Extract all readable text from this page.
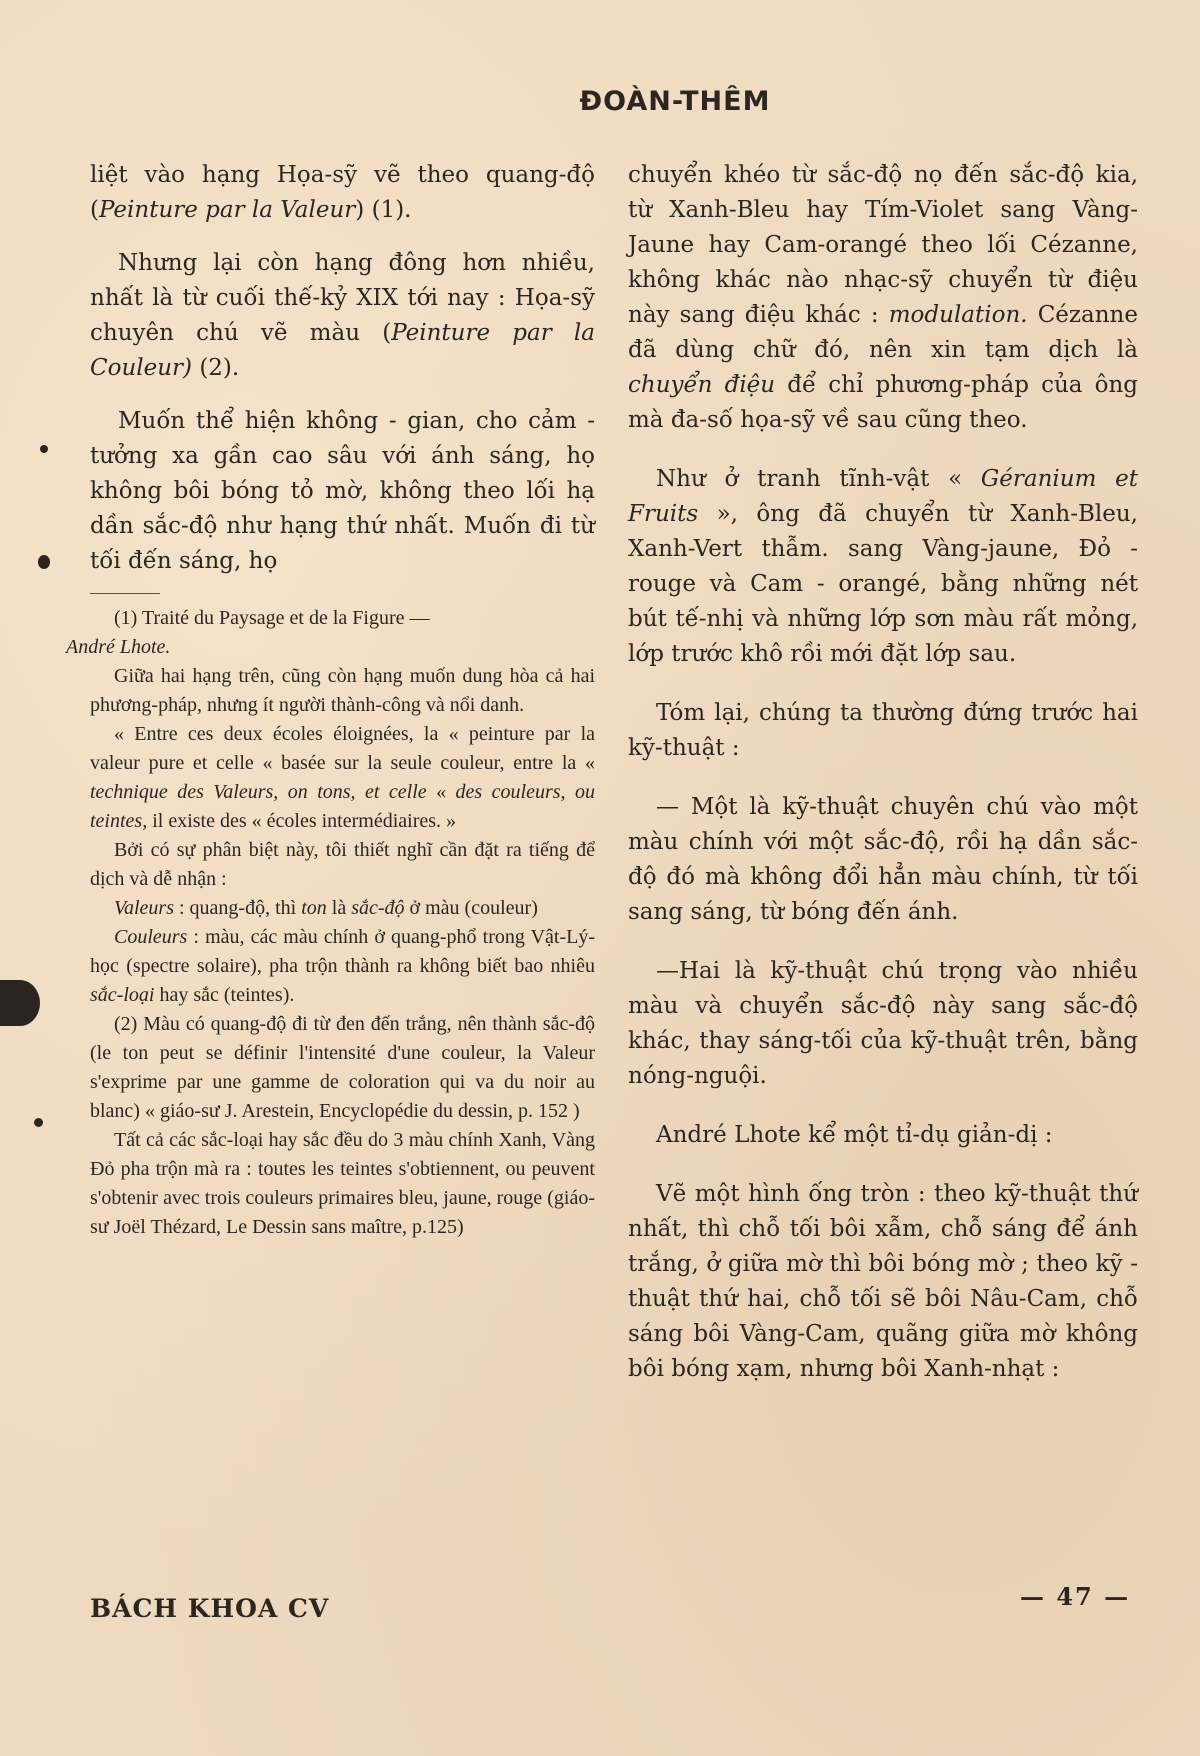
ĐOÀN-THÊM

liệt vào hạng Họa-sỹ vẽ theo quang-độ (Peinture par la Valeur) (1).

Nhưng lại còn hạng đông hơn nhiều, nhất là từ cuối thế-kỷ XIX tới nay : Họa-sỹ chuyên chú vẽ màu (Peinture par la Couleur) (2).

Muốn thể hiện không - gian, cho cảm - tưởng xa gần cao sâu với ánh sáng, họ không bôi bóng tỏ mờ, không theo lối hạ dần sắc-độ như hạng thứ nhất. Muốn đi từ tối đến sáng, họ

(1) Traité du Paysage et de la Figure —
André Lhote.

Giữa hai hạng trên, cũng còn hạng muốn dung hòa cả hai phương-pháp, nhưng ít người thành-công và nổi danh.

« Entre ces deux écoles éloignées, la « peinture par la valeur pure et celle « basée sur la seule couleur, entre la « technique des Valeurs, on tons, et celle « des couleurs, ou teintes, il existe des « écoles intermédiaires. »

Bởi có sự phân biệt này, tôi thiết nghĩ cần đặt ra tiếng để dịch và dễ nhận :

Valeurs : quang-độ, thì ton là sắc-độ ở màu (couleur)

Couleurs : màu, các màu chính ở quang-phổ trong Vật-Lý-học (spectre solaire), pha trộn thành ra không biết bao nhiêu sắc-loại hay sắc (teintes).

(2) Màu có quang-độ đi từ đen đến trắng, nên thành sắc-độ (le ton peut se définir l'intensité d'une couleur, la Valeur s'exprime par une gamme de coloration qui va du noir au blanc) « giáo-sư J. Arestein, Encyclopédie du dessin, p. 152 )

Tất cả các sắc-loại hay sắc đều do 3 màu chính Xanh, Vàng Đỏ pha trộn mà ra : toutes les teintes s'obtiennent, ou peuvent s'obtenir avec trois couleurs primaires bleu, jaune, rouge (giáo-sư Joël Thézard, Le Dessin sans maître, p.125)

chuyển khéo từ sắc-độ nọ đến sắc-độ kia, từ Xanh-Bleu hay Tím-Violet sang Vàng-Jaune hay Cam-orangé theo lối Cézanne, không khác nào nhạc-sỹ chuyển từ điệu này sang điệu khác : modulation. Cézanne đã dùng chữ đó, nên xin tạm dịch là chuyển điệu để chỉ phương-pháp của ông mà đa-số họa-sỹ về sau cũng theo.

Như ở tranh tĩnh-vật « Géranium et Fruits », ông đã chuyển từ Xanh-Bleu, Xanh-Vert thẫm. sang Vàng-jaune, Đỏ - rouge và Cam - orangé, bằng những nét bút tế-nhị và những lớp sơn màu rất mỏng, lớp trước khô rồi mới đặt lớp sau.

Tóm lại, chúng ta thường đứng trước hai kỹ-thuật :

— Một là kỹ-thuật chuyên chú vào một màu chính với một sắc-độ, rồi hạ dần sắc-độ đó mà không đổi hẳn màu chính, từ tối sang sáng, từ bóng đến ánh.

—Hai là kỹ-thuật chú trọng vào nhiều màu và chuyển sắc-độ này sang sắc-độ khác, thay sáng-tối của kỹ-thuật trên, bằng nóng-nguội.

André Lhote kể một tỉ-dụ giản-dị :

Vẽ một hình ống tròn : theo kỹ-thuật thứ nhất, thì chỗ tối bôi xẫm, chỗ sáng để ánh trắng, ở giữa mờ thì bôi bóng mờ ; theo kỹ - thuật thứ hai, chỗ tối sẽ bôi Nâu-Cam, chỗ sáng bôi Vàng-Cam, quãng giữa mờ không bôi bóng xạm, nhưng bôi Xanh-nhạt :

BÁCH KHOA CV	— 47 —
